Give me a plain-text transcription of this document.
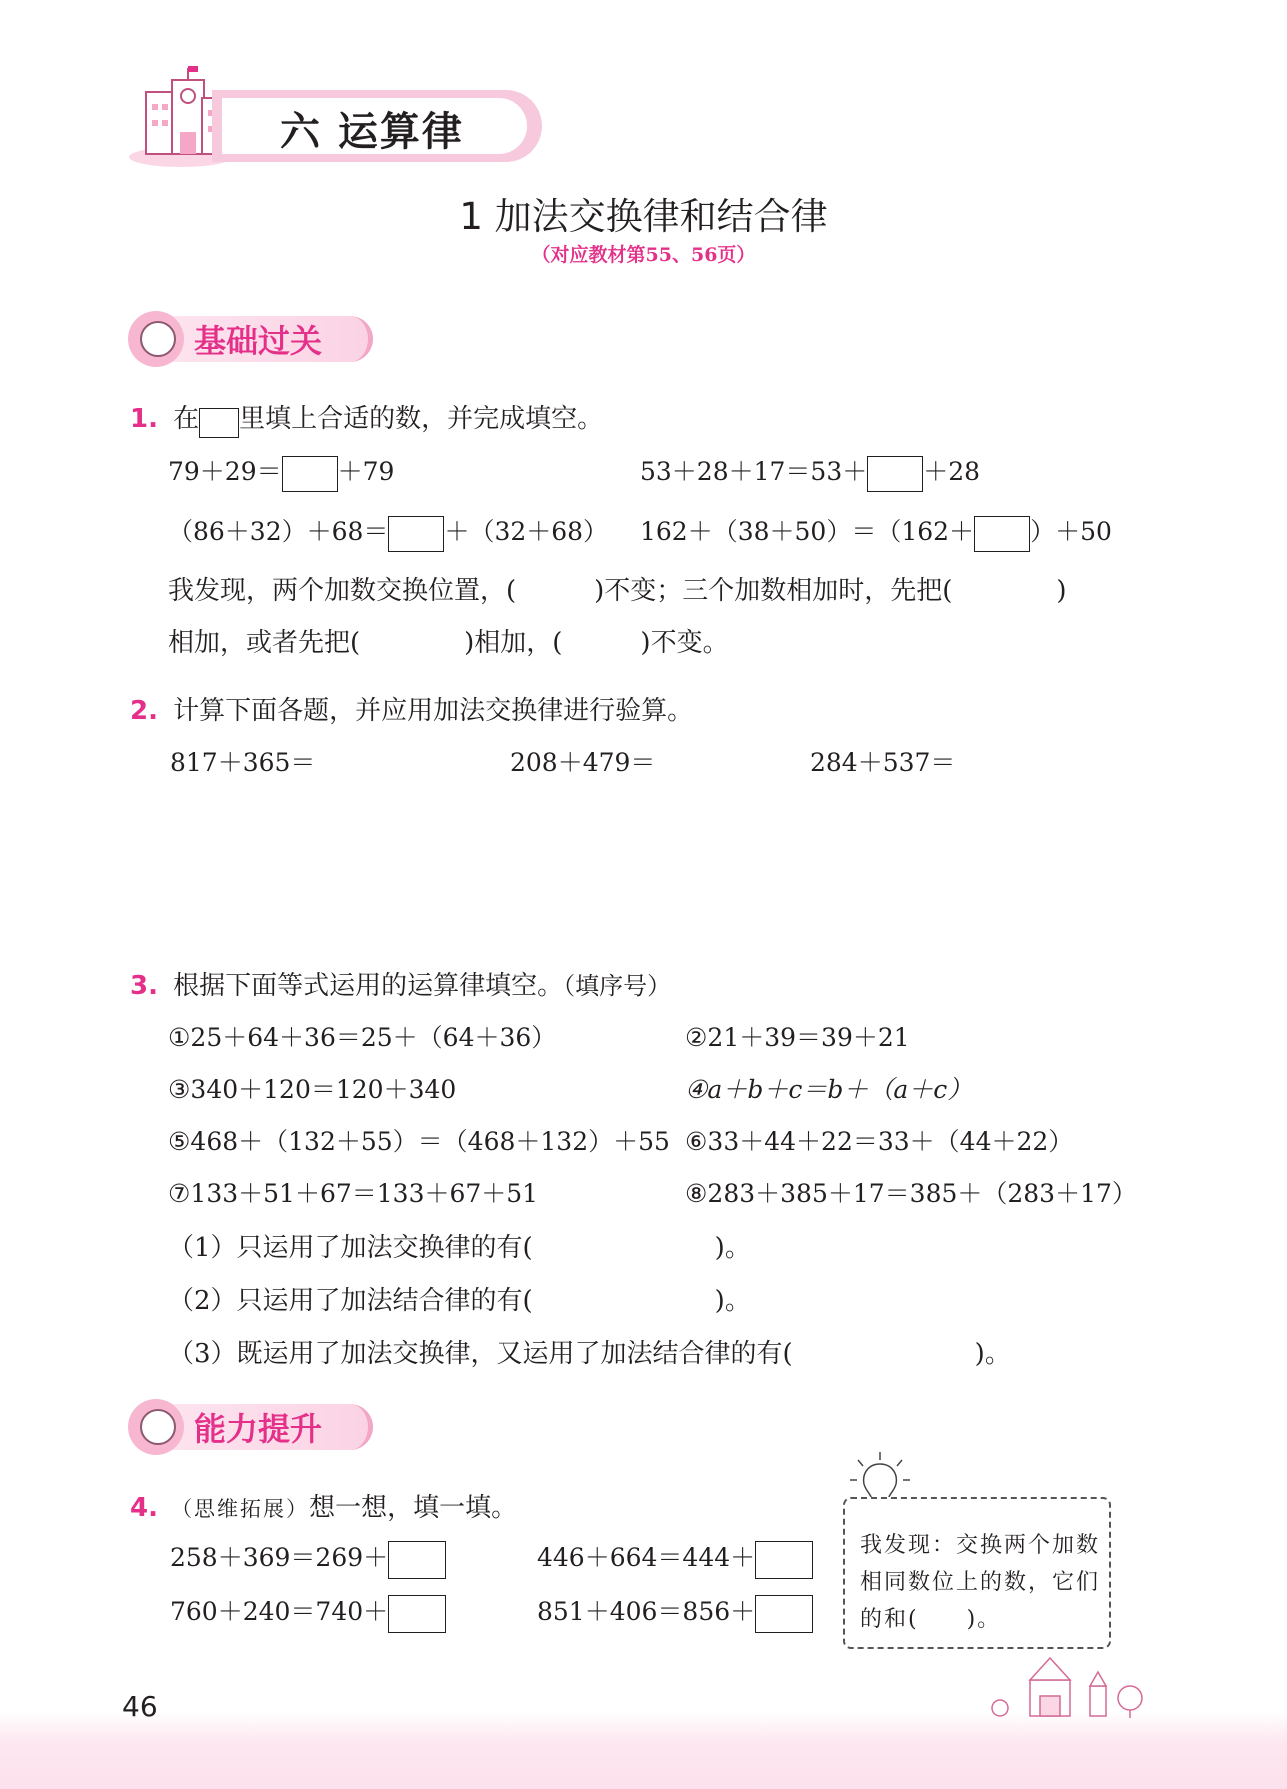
六 运算律
1 加法交换律和结合律
（对应教材第55、56页）
基础过关
1. 在 里填上合适的数，并完成填空。
79＋29＝ ＋79	53＋28＋17＝53＋ ＋28
（86＋32）＋68＝ ＋（32＋68） 162＋（38＋50）＝（162＋ ）＋50
我发现，两个加数交换位置，(　　　)不变；三个加数相加时，先把(　　　　)
相加，或者先把(　　　　)相加，(　　　)不变。
2. 计算下面各题，并应用加法交换律进行验算。
817＋365＝	208＋479＝	284＋537＝
3. 根据下面等式运用的运算律填空。（填序号）
①25＋64＋36＝25＋（64＋36）	②21＋39＝39＋21
③340＋120＝120＋340	④a＋b＋c＝b＋（a＋c）
⑤468＋（132＋55）＝（468＋132）＋55 ⑥33＋44＋22＝33＋（44＋22）
⑦133＋51＋67＝133＋67＋51	⑧283＋385＋17＝385＋（283＋17）
（1）只运用了加法交换律的有(　　　　　　　)。
（2）只运用了加法结合律的有(　　　　　　　)。
（3）既运用了加法交换律，又运用了加法结合律的有(　　　　　　　)。
能力提升
4. （思维拓展）想一想，填一填。
258＋369＝269＋	446＋664＝444＋
760＋240＝740＋	851＋406＝856＋
我发现：交换两个加数相同数位上的数，它们的和(　　)。
46
